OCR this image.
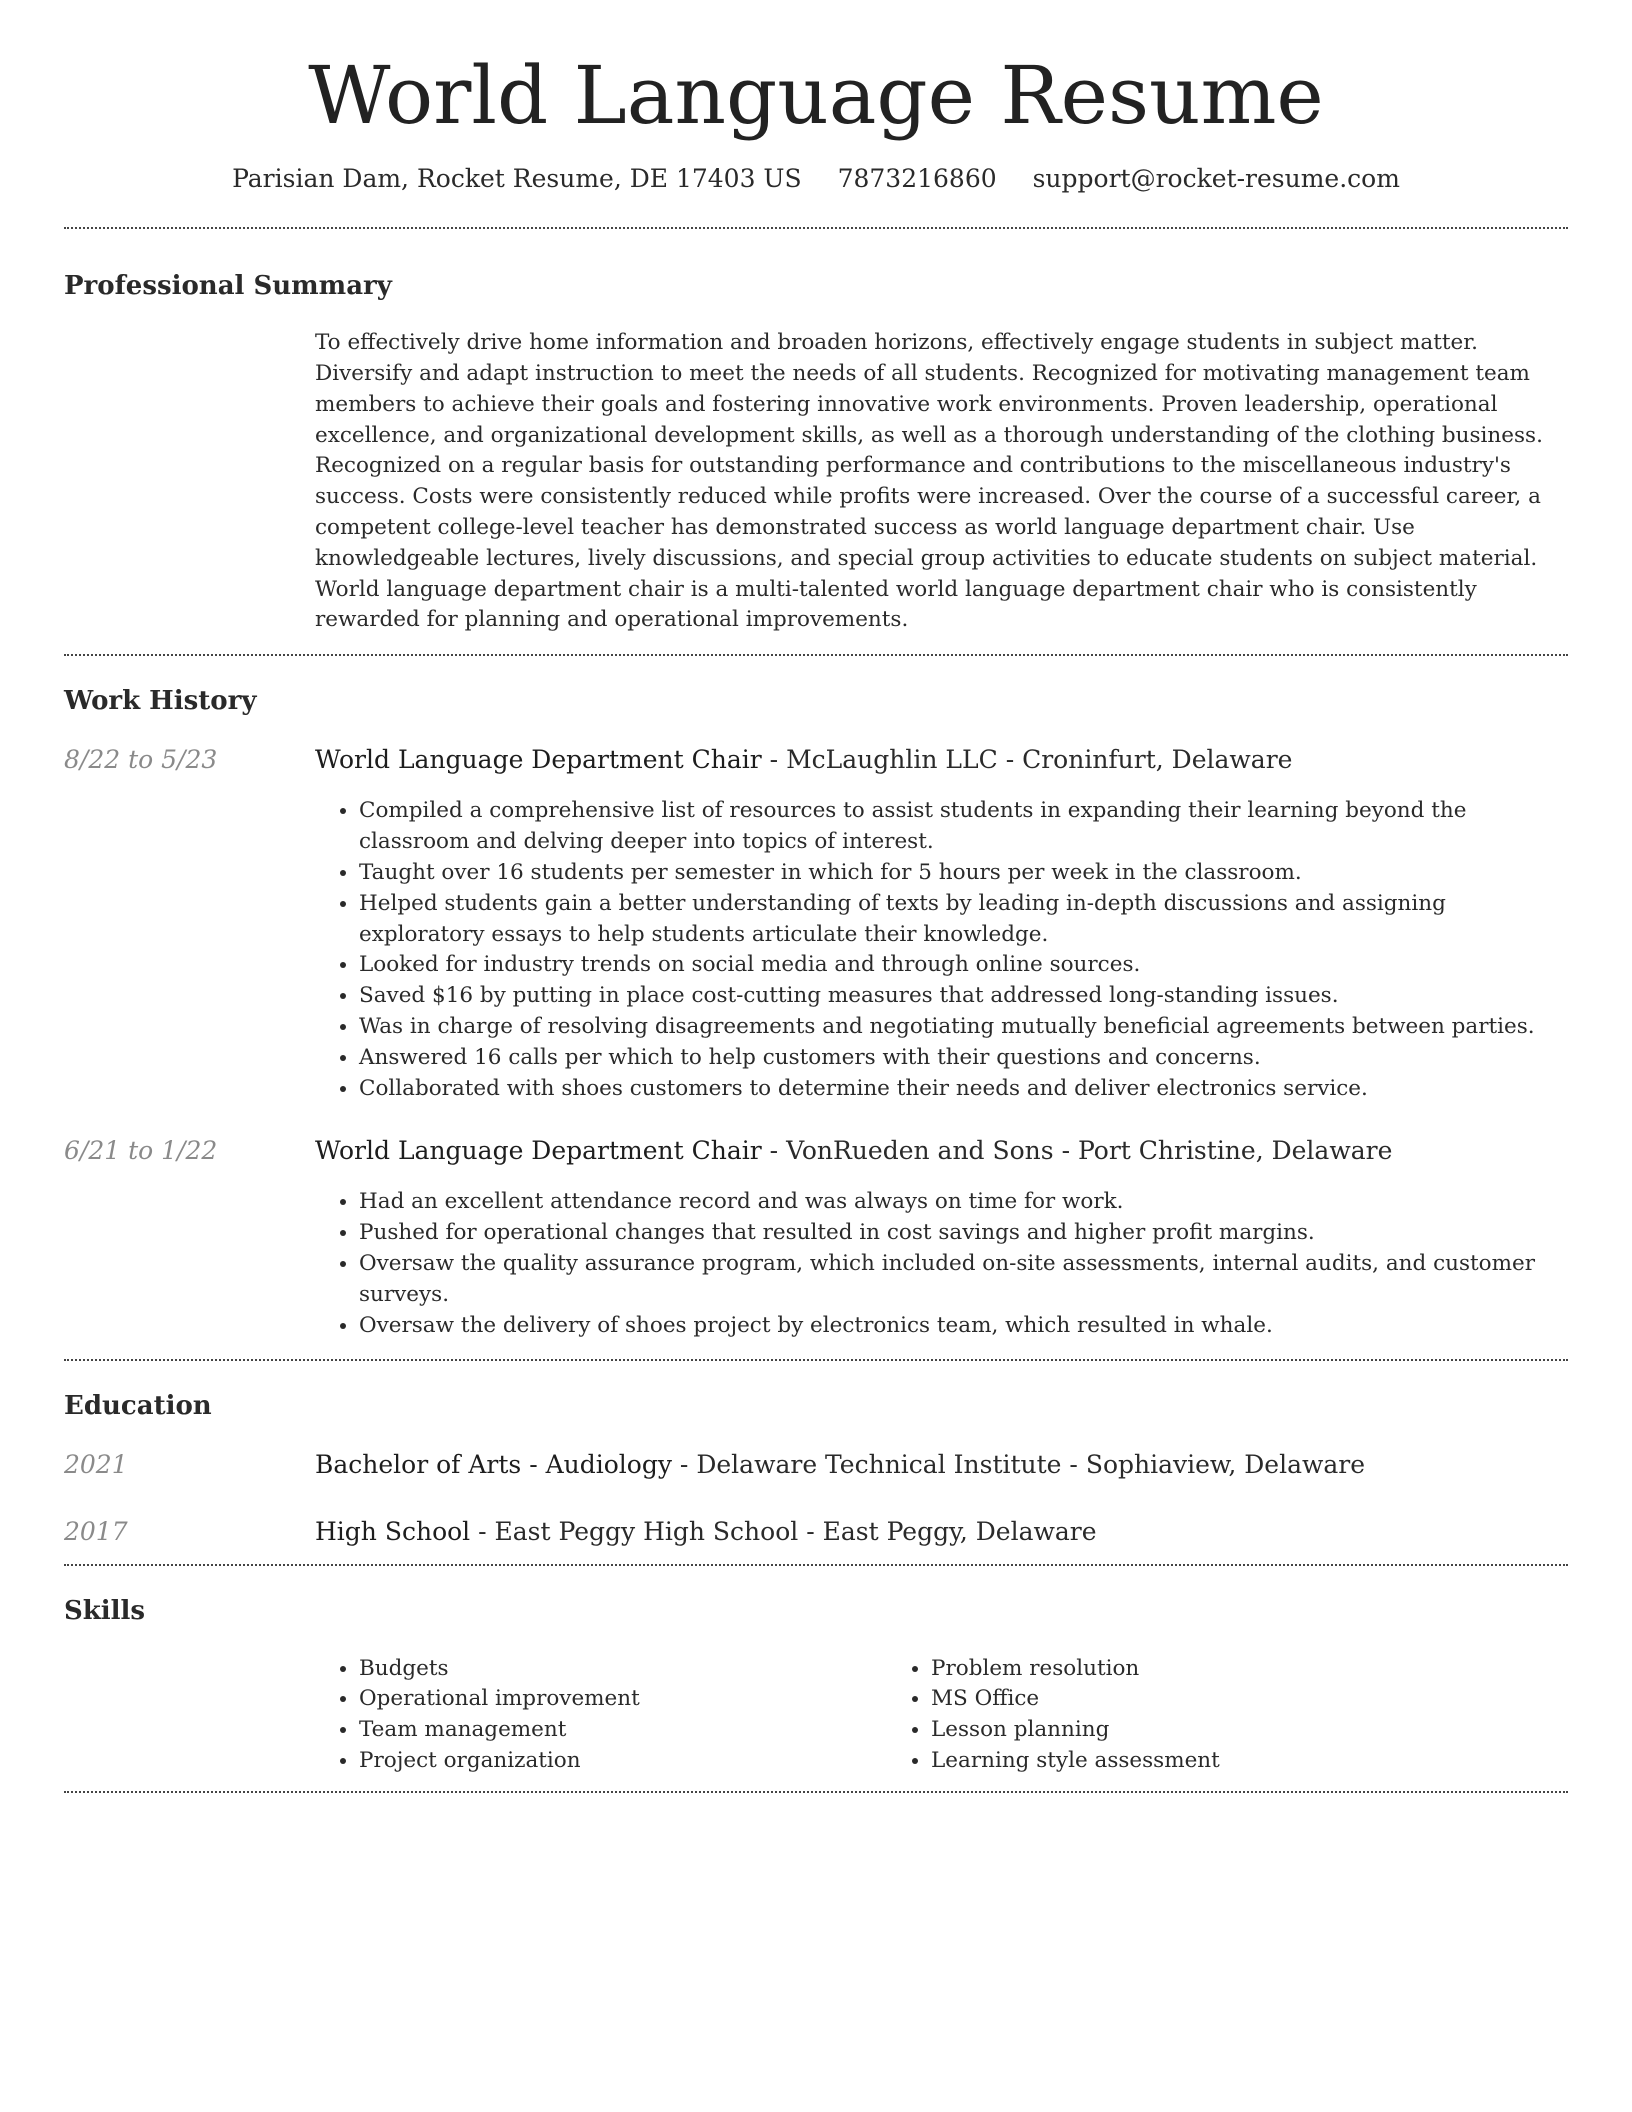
World Language Resume
Parisian Dam, Rocket Resume, DE 17403 US 7873216860 support@rocket-resume.com
Professional Summary

To effectively drive home information and broaden horizons, effectively engage students in subject matter. Diversify and adapt instruction to meet the needs of all students. Recognized for motivating management team members to achieve their goals and fostering innovative work environments. Proven leadership, operational excellence, and organizational development skills, as well as a thorough understanding of the clothing business. Recognized on a regular basis for outstanding performance and contributions to the miscellaneous industry's success. Costs were consistently reduced while profits were increased. Over the course of a successful career, a competent college-level teacher has demonstrated success as world language department chair. Use knowledgeable lectures, lively discussions, and special group activities to educate students on subject material. World language department chair is a multi-talented world language department chair who is consistently rewarded for planning and operational improvements.

Work History
8/22 to 5/23	World Language Department Chair - McLaughlin LLC - Croninfurt, Delaware
• Compiled a comprehensive list of resources to assist students in expanding their learning beyond the classroom and delving deeper into topics of interest.
• Taught over 16 students per semester in which for 5 hours per week in the classroom.
• Helped students gain a better understanding of texts by leading in-depth discussions and assigning exploratory essays to help students articulate their knowledge.
• Looked for industry trends on social media and through online sources.
• Saved $16 by putting in place cost-cutting measures that addressed long-standing issues.
• Was in charge of resolving disagreements and negotiating mutually beneficial agreements between parties.
• Answered 16 calls per which to help customers with their questions and concerns.
• Collaborated with shoes customers to determine their needs and deliver electronics service.
6/21 to 1/22	World Language Department Chair - VonRueden and Sons - Port Christine, Delaware
• Had an excellent attendance record and was always on time for work.
• Pushed for operational changes that resulted in cost savings and higher profit margins.
• Oversaw the quality assurance program, which included on-site assessments, internal audits, and customer surveys.
• Oversaw the delivery of shoes project by electronics team, which resulted in whale.
Education
2021	Bachelor of Arts - Audiology - Delaware Technical Institute - Sophiaview, Delaware
2017	High School - East Peggy High School - East Peggy, Delaware
Skills
• Budgets
• Operational improvement
• Team management
• Project organization
• Problem resolution
• MS Office
• Lesson planning
• Learning style assessment
